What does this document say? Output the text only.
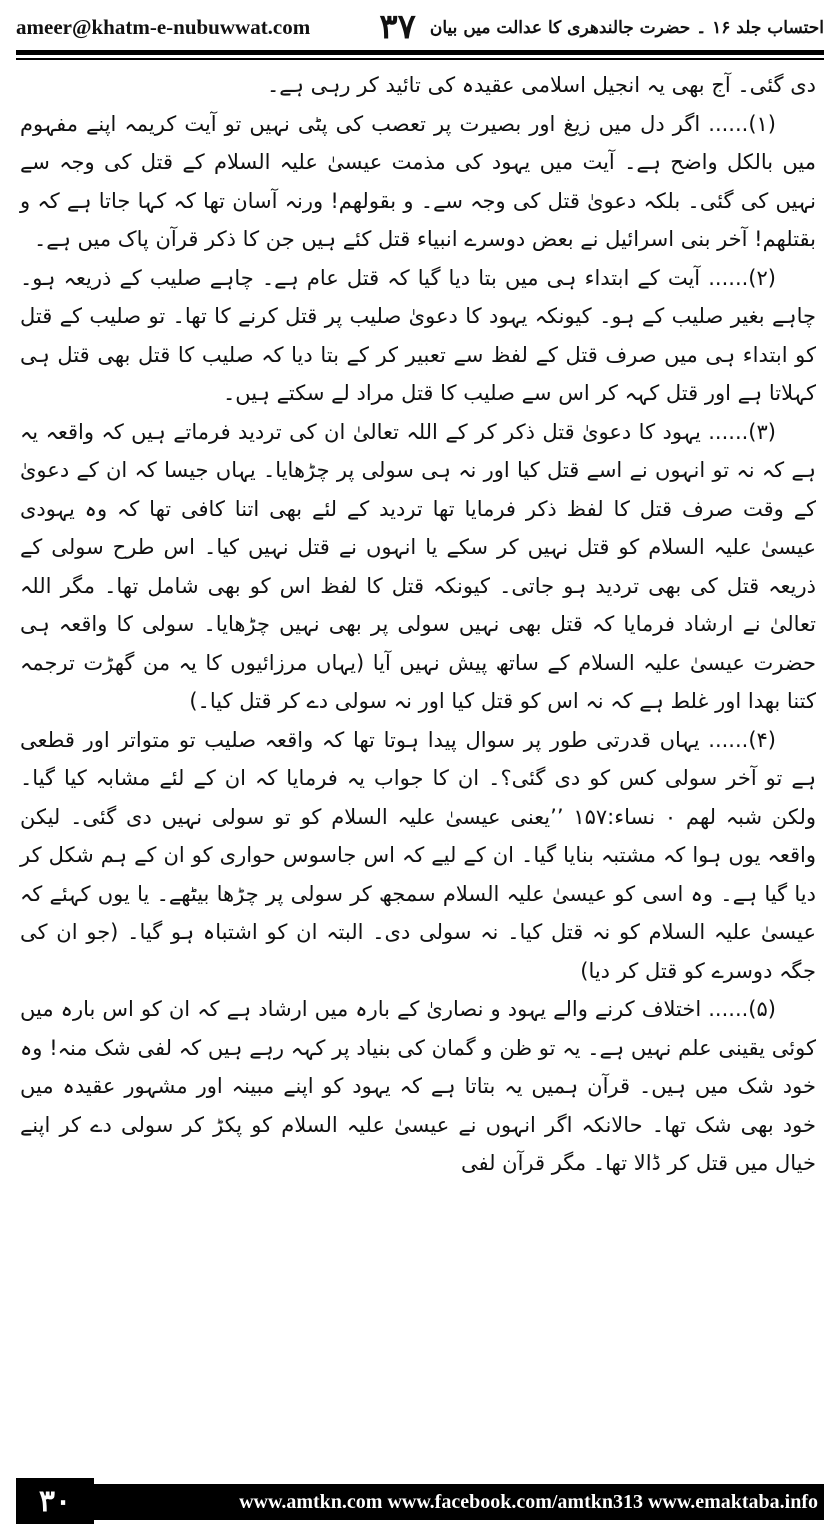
ameer@khatm-e-nubuwwat.com	احتساب جلد ۱۶ ۔ حضرت جالندھری کا عدالت میں بیان
۳۷

دی گئی۔ آج بھی یہ انجیل اسلامی عقیدہ کی تائید کر رہی ہے۔

(۱)...... اگر دل میں زیغ اور بصیرت پر تعصب کی پٹی نہیں تو آیت کریمہ اپنے مفہوم میں بالکل واضح ہے۔ آیت میں یہود کی مذمت عیسیٰ علیہ السلام کے قتل کی وجہ سے نہیں کی گئی۔ بلکہ دعویٰ قتل کی وجہ سے۔ و بقولھم! ورنہ آسان تھا کہ کہا جاتا ہے کہ و بقتلھم! آخر بنی اسرائیل نے بعض دوسرے انبیاء قتل کئے ہیں جن کا ذکر قرآن پاک میں ہے۔

(۲)...... آیت کے ابتداء ہی میں بتا دیا گیا کہ قتل عام ہے۔ چاہے صلیب کے ذریعہ ہو۔ چاہے بغیر صلیب کے ہو۔ کیونکہ یہود کا دعویٰ صلیب پر قتل کرنے کا تھا۔ تو صلیب کے قتل کو ابتداء ہی میں صرف قتل کے لفظ سے تعبیر کر کے بتا دیا کہ صلیب کا قتل بھی قتل ہی کہلاتا ہے اور قتل کہہ کر اس سے صلیب کا قتل مراد لے سکتے ہیں۔

(۳)...... یہود کا دعویٰ قتل ذکر کر کے اللہ تعالیٰ ان کی تردید فرماتے ہیں کہ واقعہ یہ ہے کہ نہ تو انہوں نے اسے قتل کیا اور نہ ہی سولی پر چڑھایا۔ یہاں جیسا کہ ان کے دعویٰ کے وقت صرف قتل کا لفظ ذکر فرمایا تھا تردید کے لئے بھی اتنا کافی تھا کہ وہ یہودی عیسیٰ علیہ السلام کو قتل نہیں کر سکے یا انہوں نے قتل نہیں کیا۔ اس طرح سولی کے ذریعہ قتل کی بھی تردید ہو جاتی۔ کیونکہ قتل کا لفظ اس کو بھی شامل تھا۔ مگر اللہ تعالیٰ نے ارشاد فرمایا کہ قتل بھی نہیں سولی پر بھی نہیں چڑھایا۔ سولی کا واقعہ ہی حضرت عیسیٰ علیہ السلام کے ساتھ پیش نہیں آیا (یہاں مرزائیوں کا یہ من گھڑت ترجمہ کتنا بھدا اور غلط ہے کہ نہ اس کو قتل کیا اور نہ سولی دے کر قتل کیا۔)

(۴)...... یہاں قدرتی طور پر سوال پیدا ہوتا تھا کہ واقعہ صلیب تو متواتر اور قطعی ہے تو آخر سولی کس کو دی گئی؟۔ ان کا جواب یہ فرمایا کہ ان کے لئے مشابہ کیا گیا۔ ولکن شبہ لھم ۰ نساء:۱۵۷ ’’یعنی عیسیٰ علیہ السلام کو تو سولی نہیں دی گئی۔ لیکن واقعہ یوں ہوا کہ مشتبہ بنایا گیا۔ ان کے لیے کہ اس جاسوس حواری کو ان کے ہم شکل کر دیا گیا ہے۔ وہ اسی کو عیسیٰ علیہ السلام سمجھ کر سولی پر چڑھا بیٹھے۔ یا یوں کہئے کہ عیسیٰ علیہ السلام کو نہ قتل کیا۔ نہ سولی دی۔ البتہ ان کو اشتباہ ہو گیا۔ (جو ان کی جگہ دوسرے کو قتل کر دیا)

(۵)...... اختلاف کرنے والے یہود و نصاریٰ کے بارہ میں ارشاد ہے کہ ان کو اس بارہ میں کوئی یقینی علم نہیں ہے۔ یہ تو ظن و گمان کی بنیاد پر کہہ رہے ہیں کہ لفی شک منہ! وہ خود شک میں ہیں۔ قرآن ہمیں یہ بتاتا ہے کہ یہود کو اپنے مبینہ اور مشہور عقیدہ میں خود بھی شک تھا۔ حالانکہ اگر انہوں نے عیسیٰ علیہ السلام کو پکڑ کر سولی دے کر اپنے خیال میں قتل کر ڈالا تھا۔ مگر قرآن لفی

۳۰	www.amtkn.com www.facebook.com/amtkn313 www.emaktaba.info
